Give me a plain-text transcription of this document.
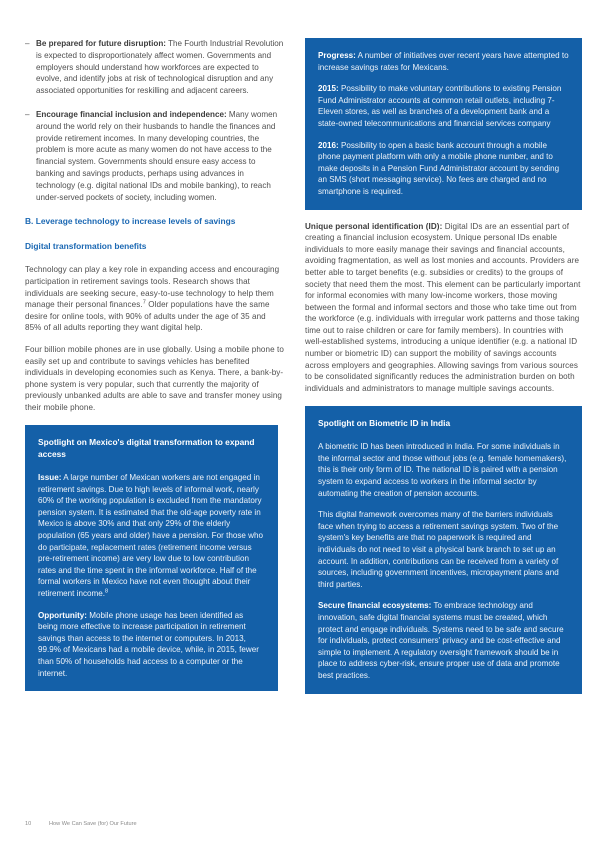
– Be prepared for future disruption: The Fourth Industrial Revolution is expected to disproportionately affect women. Governments and employers should understand how workforces are expected to evolve, and identify jobs at risk of technological disruption and any associated opportunities for reskilling and adjacent careers.
– Encourage financial inclusion and independence: Many women around the world rely on their husbands to handle the finances and provide retirement incomes. In many developing countries, the problem is more acute as many women do not have access to the financial system. Governments should ensure easy access to banking and savings products, perhaps using advances in technology (e.g. digital national IDs and mobile banking), to reach under-served pockets of society, including women.
B. Leverage technology to increase levels of savings
Digital transformation benefits

Technology can play a key role in expanding access and encouraging participation in retirement savings tools. Research shows that individuals are seeking secure, easy-to-use technology to help them manage their personal finances.$^7$ Older populations have the same desire for online tools, with 90% of adults under the age of 35 and 85% of all adults reporting they want digital help.

Four billion mobile phones are in use globally. Using a mobile phone to easily set up and contribute to savings vehicles has benefited individuals in developing economies such as Kenya. There, a bank-by-phone system is very popular, such that currently the majority of previously unbanked adults are able to save and transfer money using their mobile phone.

Spotlight on Mexico's digital transformation to expand access

Issue: A large number of Mexican workers are not engaged in retirement savings. Due to high levels of informal work, nearly 60% of the working population is excluded from the mandatory pension system. It is estimated that the old-age poverty rate in Mexico is above 30% and that only 29% of the elderly population (65 years and older) have a pension. For those who do participate, replacement rates (retirement income versus pre-retirement income) are very low due to low contribution rates and the time spent in the informal workforce. Half of the formal workers in Mexico have not even thought about their retirement income.$^8$

Opportunity: Mobile phone usage has been identified as being more effective to increase participation in retirement savings than access to the internet or computers. In 2013, 99.9% of Mexicans had a mobile device, while, in 2015, fewer than 50% of households had access to a computer or the internet.

Progress: A number of initiatives over recent years have attempted to increase savings rates for Mexicans.

2015: Possibility to make voluntary contributions to existing Pension Fund Administrator accounts at common retail outlets, including 7-Eleven stores, as well as branches of a development bank and a state-owned telecommunications and financial services company

2016: Possibility to open a basic bank account through a mobile phone payment platform with only a mobile phone number, and to make deposits in a Pension Fund Administrator account by sending an SMS (short messaging service). No fees are charged and no smartphone is required.

Unique personal identification (ID): Digital IDs are an essential part of creating a financial inclusion ecosystem. Unique personal IDs enable individuals to more easily manage their savings and financial accounts, avoiding fragmentation, as well as lost monies and accounts. Providers are better able to target benefits (e.g. subsidies or credits) to the groups of society that need them the most. This element can be particularly important for informal economies with many low-income workers, those moving between the formal and informal sectors and those who take time out from the workforce (e.g. individuals with irregular work patterns and those taking time out to raise children or care for family members). In countries with well-established systems, introducing a unique identifier (e.g. a national ID number or biometric ID) can support the mobility of savings accounts across employers and geographies. Allowing savings from various sources to be consolidated significantly reduces the administration burden on both individuals and administrators to manage multiple savings accounts.

Spotlight on Biometric ID in India

A biometric ID has been introduced in India. For some individuals in the informal sector and those without jobs (e.g. female homemakers), this is their only form of ID. The national ID is paired with a pension system to expand access to workers in the informal sector by automating the creation of pension accounts.

This digital framework overcomes many of the barriers individuals face when trying to access a retirement savings system. Two of the system's key benefits are that no paperwork is required and individuals do not need to visit a physical bank branch to set up an account. In addition, contributions can be received from a variety of sources, including government incentives, micropayment plans and third parties.

Secure financial ecosystems: To embrace technology and innovation, safe digital financial systems must be created, which protect and engage individuals. Systems need to be safe and secure for individuals, protect consumers' privacy and be cost-effective and simple to implement. A regulatory oversight framework should be in place to address cyber-risk, ensure proper use of data and promote best practices.

10	How We Can Save (for) Our Future
